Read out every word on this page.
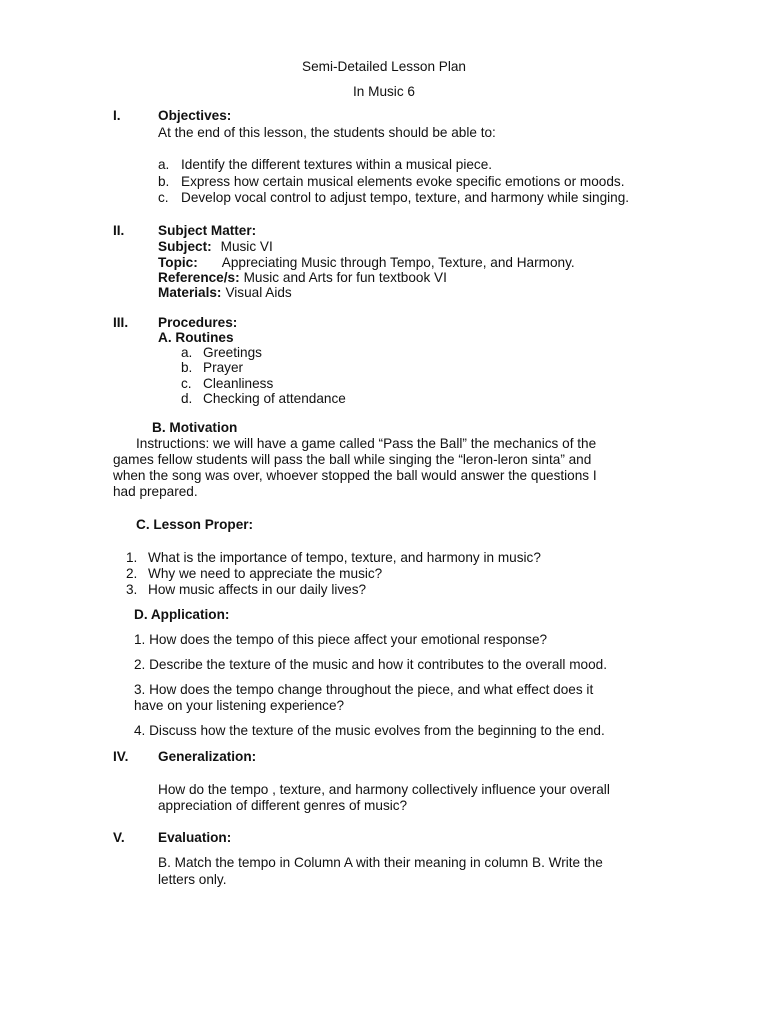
Semi-Detailed Lesson Plan
In Music 6
I.	Objectives:
At the end of this lesson, the students should be able to:
a. Identify the different textures within a musical piece.
b. Express how certain musical elements evoke specific emotions or moods.
c. Develop vocal control to adjust tempo, texture, and harmony while singing.
II. Subject Matter:
Subject: Music VI
Topic: Appreciating Music through Tempo, Texture, and Harmony.
Reference/s: Music and Arts for fun textbook VI
Materials: Visual Aids
III. Procedures:
A. Routines
a. Greetings
b. Prayer
c. Cleanliness
d. Checking of attendance
B. Motivation
Instructions: we will have a game called “Pass the Ball” the mechanics of the
games fellow students will pass the ball while singing the “leron-leron sinta” and
when the song was over, whoever stopped the ball would answer the questions I
had prepared.
C. Lesson Proper:
1. What is the importance of tempo, texture, and harmony in music?
2. Why we need to appreciate the music?
3. How music affects in our daily lives?
D. Application:
1. How does the tempo of this piece affect your emotional response?
2. Describe the texture of the music and how it contributes to the overall mood.
3. How does the tempo change throughout the piece, and what effect does it
have on your listening experience?
4. Discuss how the texture of the music evolves from the beginning to the end.
IV. Generalization:
How do the tempo , texture, and harmony collectively influence your overall
appreciation of different genres of music?
V. Evaluation:
B. Match the tempo in Column A with their meaning in column B. Write the
letters only.
